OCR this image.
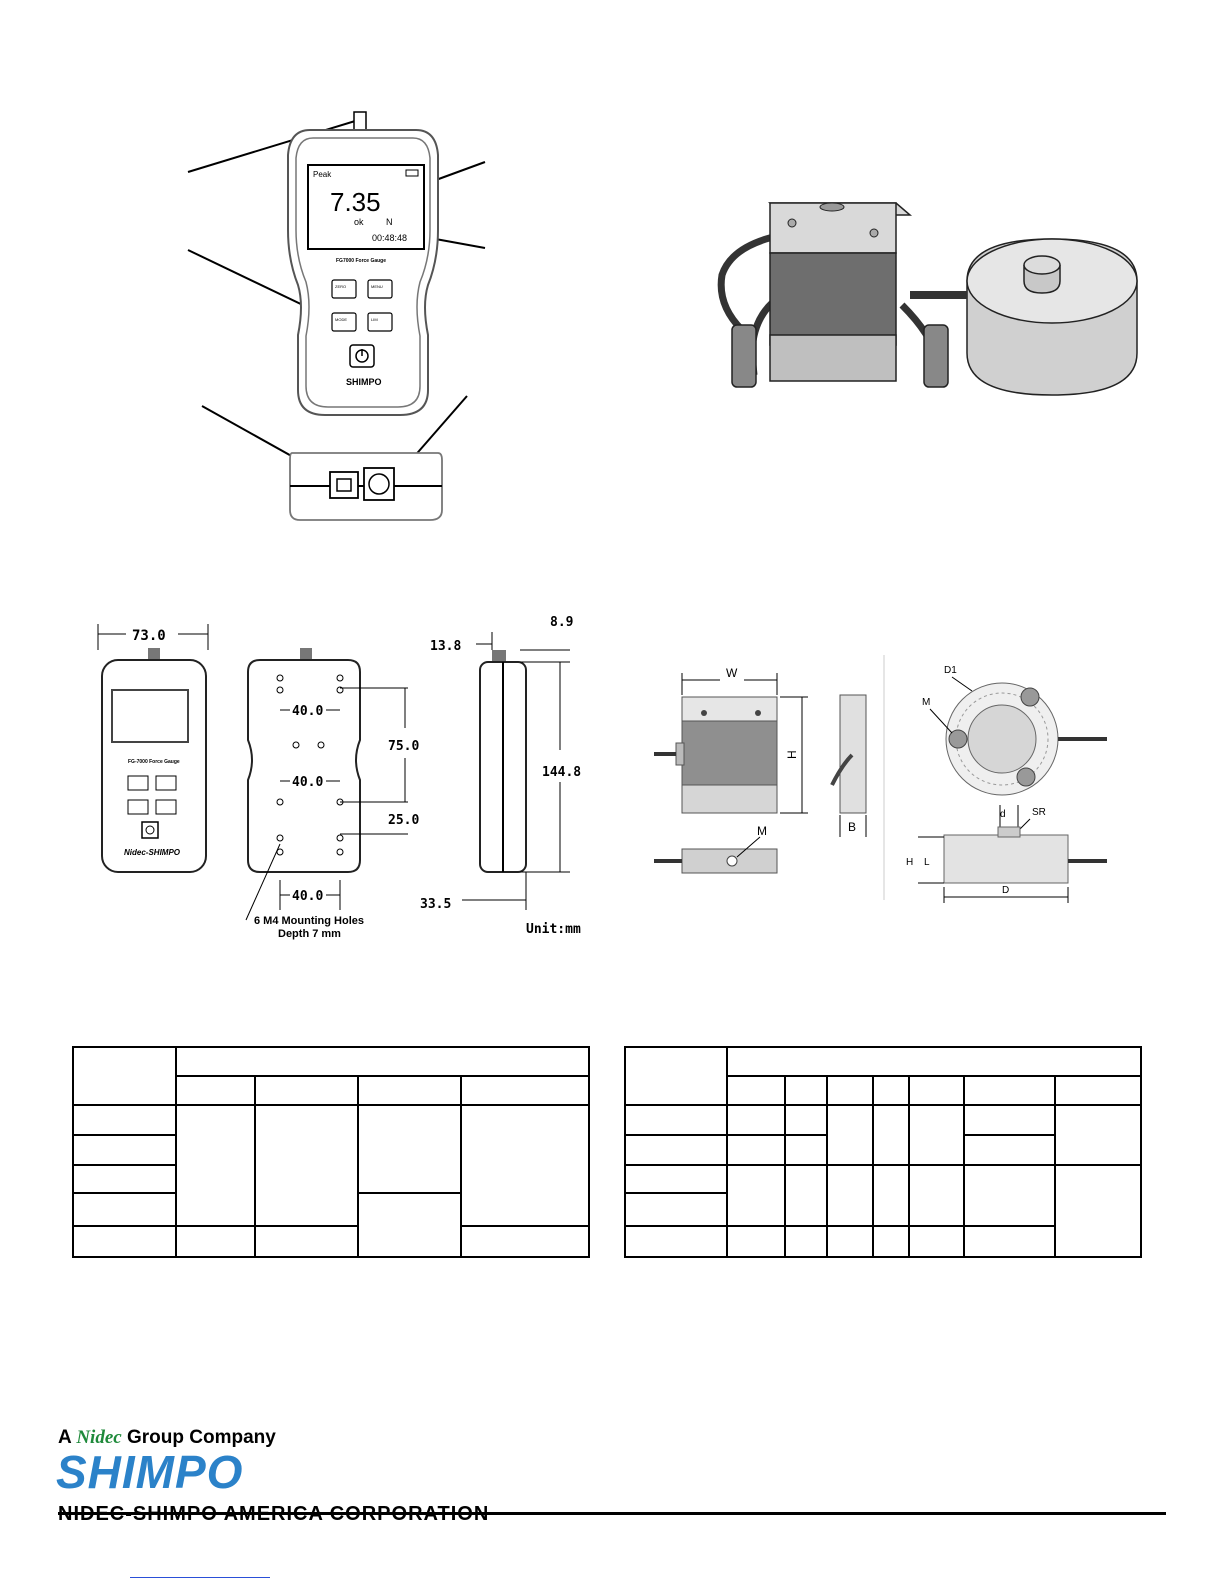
Peak
7.35
ok N
00:48:48
FG7000 Force Gauge
ZERO	MENU
MODE	LIM
SHIMPO
73.0
FG-7000 Force Gauge
Nidec-SHIMPO
40.0
40.0
40.0
75.0
25.0
6 M4 Mounting Holes
Depth 7 mm
13.8
8.9
144.8
33.5
Unit:mm
W
H
B
M
D1
M
d	SR
H L
D

A Nidec Group Company
SHIMPO
NIDEC-SHIMPO AMERICA CORPORATION
